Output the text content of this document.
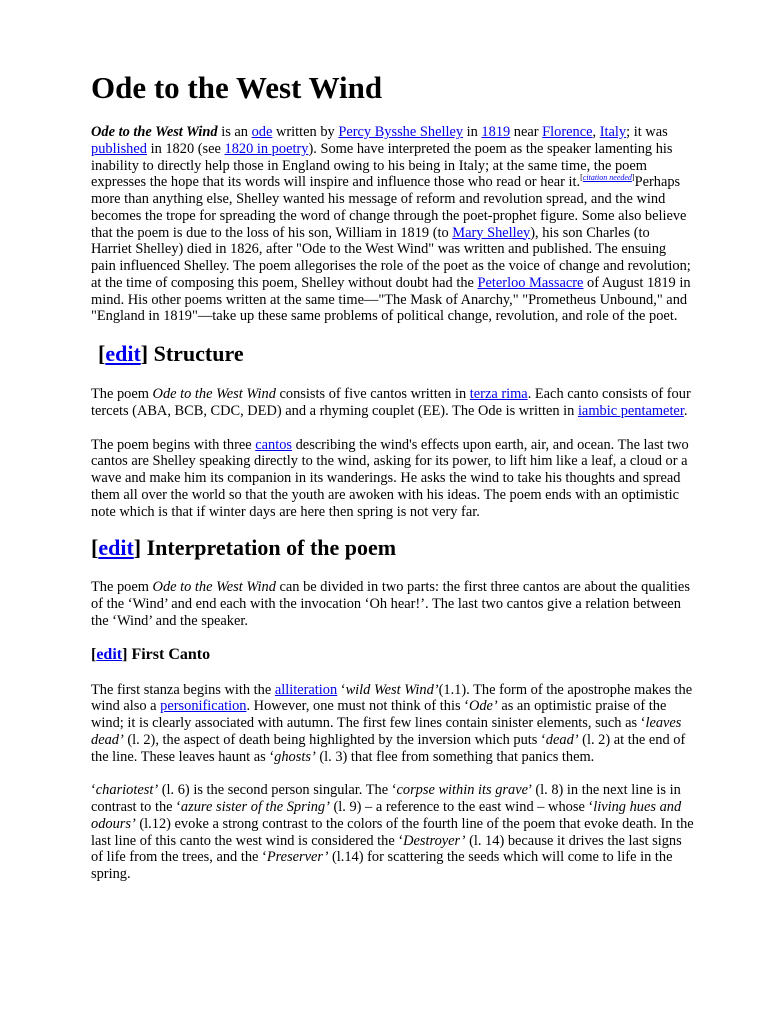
Ode to the West Wind

Ode to the West Wind is an ode written by Percy Bysshe Shelley in 1819 near Florence, Italy; it was published in 1820 (see 1820 in poetry). Some have interpreted the poem as the speaker lamenting his inability to directly help those in England owing to his being in Italy; at the same time, the poem expresses the hope that its words will inspire and influence those who read or hear it.[citation needed]Perhaps more than anything else, Shelley wanted his message of reform and revolution spread, and the wind becomes the trope for spreading the word of change through the poet-prophet figure. Some also believe that the poem is due to the loss of his son, William in 1819 (to Mary Shelley), his son Charles (to Harriet Shelley) died in 1826, after "Ode to the West Wind" was written and published. The ensuing pain influenced Shelley. The poem allegorises the role of the poet as the voice of change and revolution; at the time of composing this poem, Shelley without doubt had the Peterloo Massacre of August 1819 in mind. His other poems written at the same time—"The Mask of Anarchy," "Prometheus Unbound," and "England in 1819"—take up these same problems of political change, revolution, and role of the poet.

[edit] Structure

The poem Ode to the West Wind consists of five cantos written in terza rima. Each canto consists of four tercets (ABA, BCB, CDC, DED) and a rhyming couplet (EE). The Ode is written in iambic pentameter.

The poem begins with three cantos describing the wind's effects upon earth, air, and ocean. The last two cantos are Shelley speaking directly to the wind, asking for its power, to lift him like a leaf, a cloud or a wave and make him its companion in its wanderings. He asks the wind to take his thoughts and spread them all over the world so that the youth are awoken with his ideas. The poem ends with an optimistic note which is that if winter days are here then spring is not very far.

[edit] Interpretation of the poem

The poem Ode to the West Wind can be divided in two parts: the first three cantos are about the qualities of the ‘Wind’ and end each with the invocation ‘Oh hear!’. The last two cantos give a relation between the ‘Wind’ and the speaker.

[edit] First Canto

The first stanza begins with the alliteration ‘wild West Wind’(1.1). The form of the apostrophe makes the wind also a personification. However, one must not think of this ‘Ode’ as an optimistic praise of the wind; it is clearly associated with autumn. The first few lines contain sinister elements, such as ‘leaves dead’ (l. 2), the aspect of death being highlighted by the inversion which puts ‘dead’ (l. 2) at the end of the line. These leaves haunt as ‘ghosts’ (l. 3) that flee from something that panics them.

‘chariotest’ (l. 6) is the second person singular. The ‘corpse within its grave’ (l. 8) in the next line is in contrast to the ‘azure sister of the Spring’ (l. 9) – a reference to the east wind – whose ‘living hues and odours’ (l.12) evoke a strong contrast to the colors of the fourth line of the poem that evoke death. In the last line of this canto the west wind is considered the ‘Destroyer’ (l. 14) because it drives the last signs of life from the trees, and the ‘Preserver’ (l.14) for scattering the seeds which will come to life in the spring.
